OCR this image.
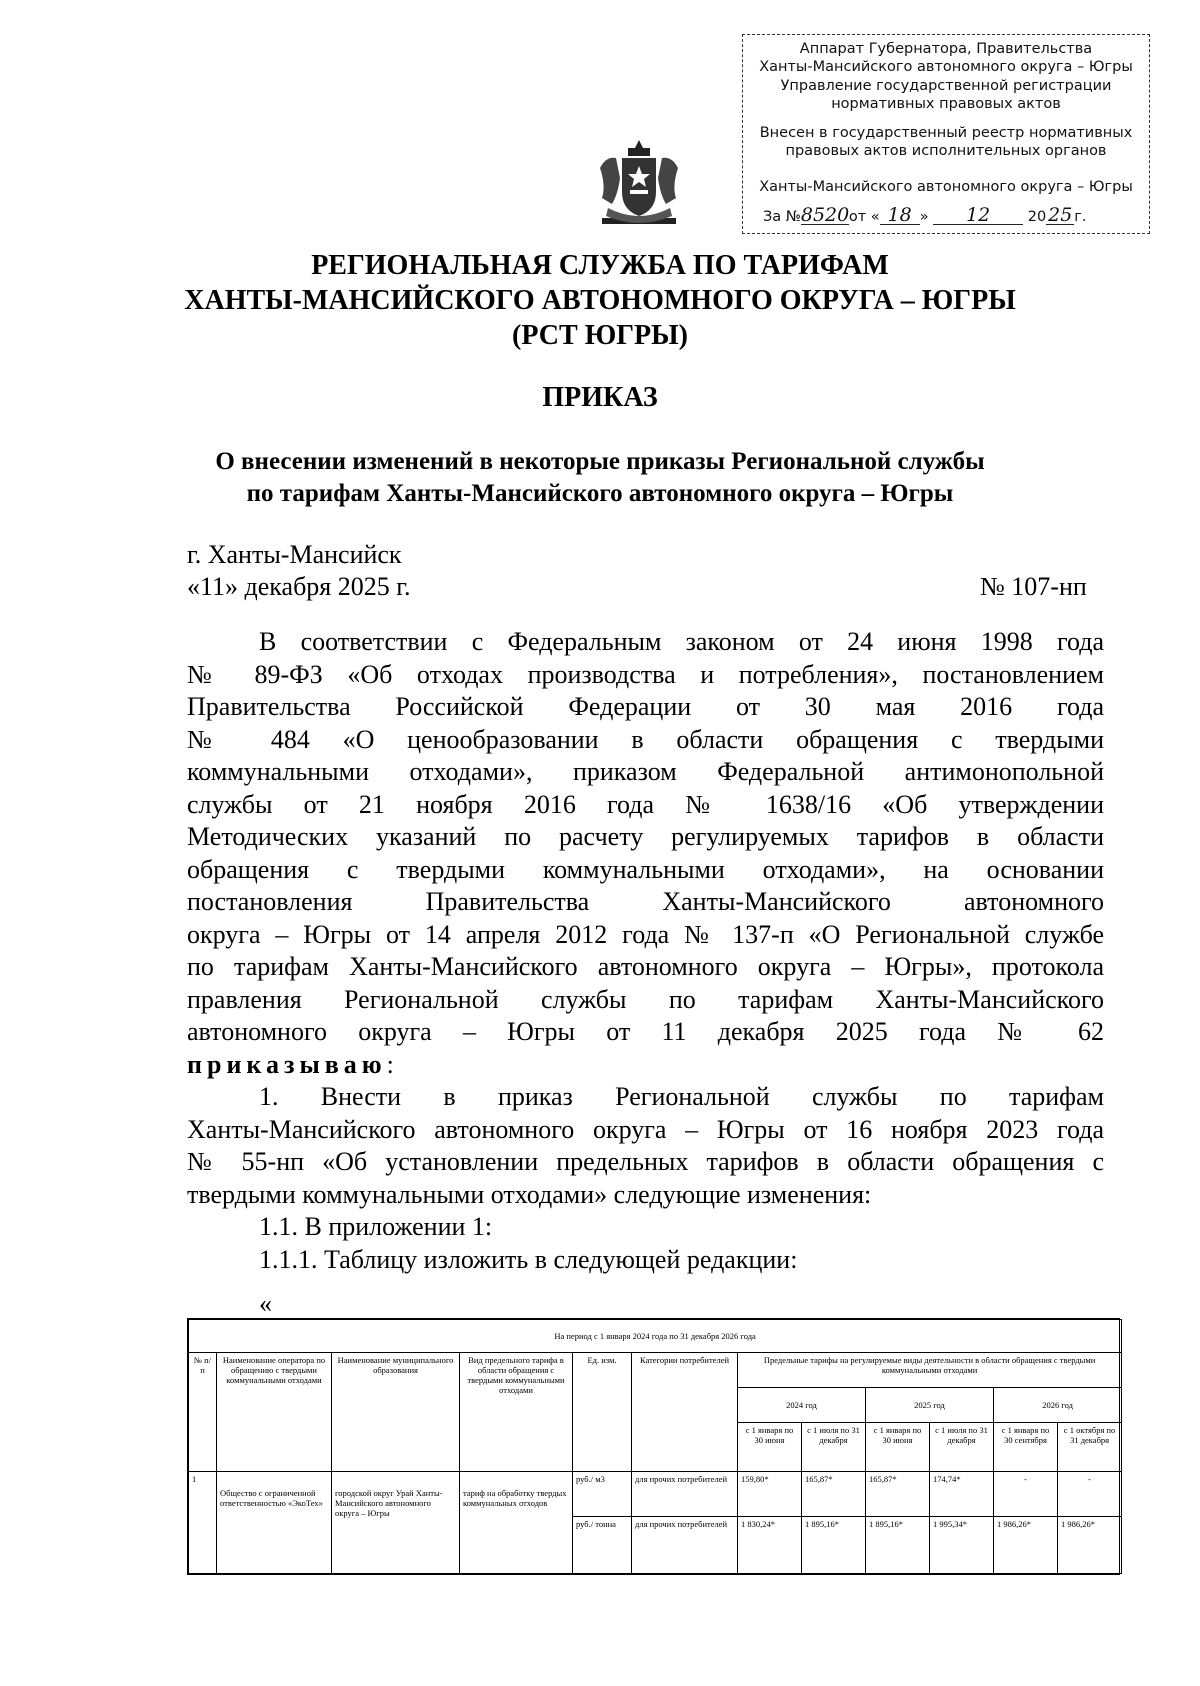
Аппарат Губернатора, Правительства
Ханты-Мансийского автономного округа – Югры
Управление государственной регистрации
нормативных правовых актов
Внесен в государственный реестр нормативных
правовых актов исполнительных органов
Ханты-Мансийского автономного округа – Югры
За №8520от « 18 » 12	20 25 г.
РЕГИОНАЛЬНАЯ СЛУЖБА ПО ТАРИФАМ
ХАНТЫ-МАНСИЙСКОГО АВТОНОМНОГО ОКРУГА – ЮГРЫ
(РСТ ЮГРЫ)
ПРИКАЗ
О внесении изменений в некоторые приказы Региональной службы
по тарифам Ханты-Мансийского автономного округа – Югры
г. Ханты-Мансийск
«11» декабря 2025 г.	№ 107-нп
В соответствии с Федеральным законом от 24 июня 1998 года
№ 89-ФЗ «Об отходах производства и потребления», постановлением
Правительства Российской Федерации от 30 мая 2016 года
№ 484 «О ценообразовании в области обращения с твердыми
коммунальными отходами», приказом Федеральной антимонопольной
службы от 21 ноября 2016 года № 1638/16 «Об утверждении
Методических указаний по расчету регулируемых тарифов в области
обращения с твердыми коммунальными отходами», на основании
постановления Правительства Ханты-Мансийского автономного
округа – Югры от 14 апреля 2012 года № 137-п «О Региональной службе
по тарифам Ханты-Мансийского автономного округа – Югры», протокола
правления Региональной службы по тарифам Ханты-Мансийского
автономного округа – Югры от 11 декабря 2025 года № 62
приказываю:
1. Внести в приказ Региональной службы по тарифам
Ханты-Мансийского автономного округа – Югры от 16 ноября 2023 года
№ 55-нп «Об установлении предельных тарифов в области обращения с
твердыми коммунальными отходами» следующие изменения:
1.1. В приложении 1:
1.1.1. Таблицу изложить в следующей редакции:
«
На период с 1 января 2024 года по 31 декабря 2026 года											
№ п/п	Наименование оператора по обращению с твердыми коммунальными отходами	Наименование муниципального образования	Вид предельного тарифа в области обращения с твердыми коммунальными отходами	Ед. изм.	Категории потребителей	Предельные тарифы на регулируемые виды деятельности в области обращения с твердыми коммунальными отходами					
						2024 год		2025 год		2026 год	
						с 1 января по 30 июня	с 1 июля по 31 декабря	с 1 января по 30 июня	с 1 июля по 31 декабря	с 1 января по 30 сентября	с 1 октября по 31 декабря
1	Общество с ограниченной ответственностью «ЭкоТех»	городской округ Урай Ханты-Мансийского автономного округа – Югры	тариф на обработку твердых коммунальных отходов	руб./ м3	для прочих потребителей	159,80*	165,87*	165,87*	174,74*	-	-
				руб./ тонна	для прочих потребителей	1 830,24*	1 895,16*	1 895,16*	1 995,34*	1 986,26*	1 986,26*
